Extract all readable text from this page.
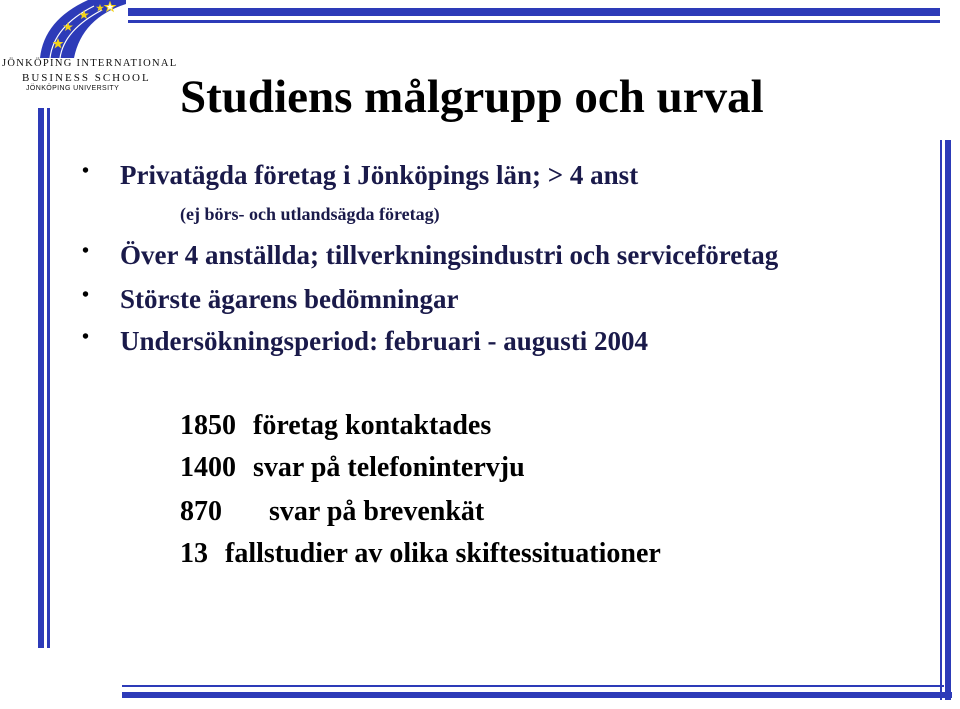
JÖNKÖPING INTERNATIONAL
BUSINESS SCHOOL
JÖNKÖPING UNIVERSITY Studiens målgrupp och urval
•	Privatägda företag i Jönköpings län; > 4 anst
(ej börs- och utlandsägda företag)
•	Över 4 anställda; tillverkningsindustri och serviceföretag
•	Störste ägarens bedömningar
•	Undersökningsperiod: februari - augusti 2004
1850 företag kontaktades
1400 svar på telefonintervju
870 svar på brevenkät
13 fallstudier av olika skiftessituationer
